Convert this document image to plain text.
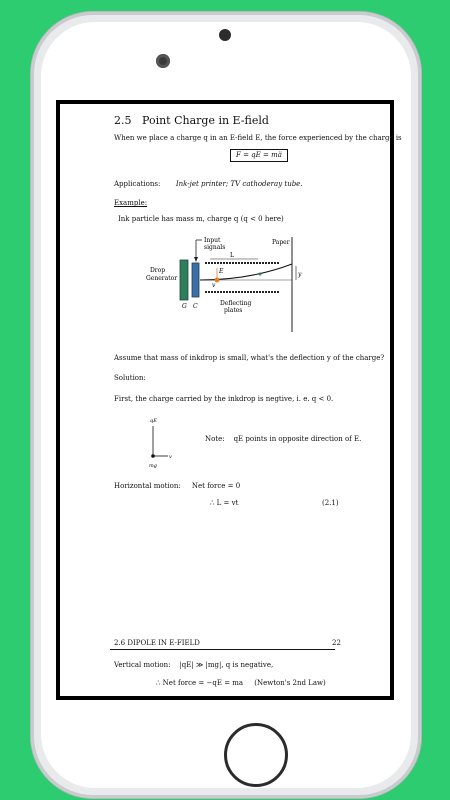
2.5 Point Charge in E-field
When we place a charge q in an E-field E, the force experienced by the charge is
F = qE = mä
Applications: Ink-jet printer; TV cathoderay tube.
Example:
Ink particle has mass m, charge q (q < 0 here)
Paper
Input
signals
L
E
v
y
Drop
Generator
G C	Deflecting
plates
Assume that mass of inkdrop is small, what's the deflection y of the charge?
Solution:
First, the charge carried by the inkdrop is negtive, i. e. q < 0.
qE
v
mg
Note: qE points in opposite direction of E.
Horizontal motion: Net force = 0
∴ L = vt	(2.1)
2.6 DIPOLE IN E-FIELD	22
Vertical motion: |qE| ≫ |mg|, q is negative,
∴ Net force = −qE = ma (Newton's 2nd Law)
